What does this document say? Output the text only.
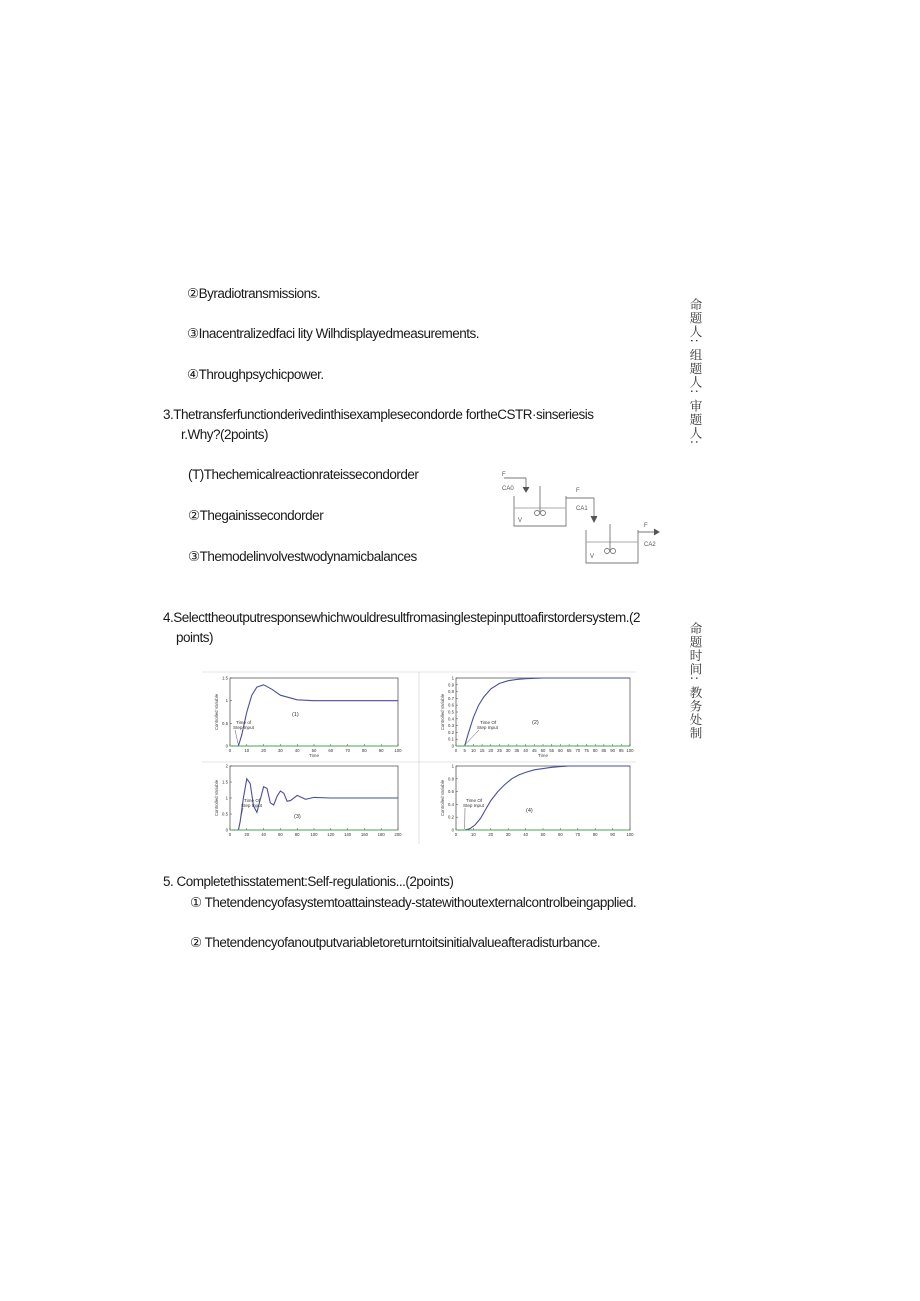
命题人: 组题人: 审题人:
命题时间: 教务处制
②Byradiotransmissions.
③Inacentralizedfaci lity Wilhdisplayedmeasurements.
④Throughpsychicpower.
3.Thetransferfunctionderivedinthisexamplesecondorde fortheCSTR·sinseriesis
r.Why?(2points)
(T)Thechemicalreactionrateissecondorder
②Thegainissecondorder
③Themodelinvolvestwodynamicbalances
F
CA0	F
CA1
V
V
F
CA2
4.Selecttheoutputresponsewhichwouldresultfromasinglestepinputtoafirstordersystem.(2
points)
0	10	20	30	40	50	60	70	80	90	100
0
0.5
1
1.5
Controlled Variable
Time
(1)
Time of
Step Input
0 5 10 15 20 25 30 35 40 45 50 55 60 65 70 75 80 85 90 95 100
0
0.1
0.2
0.3
0.4
0.5
0.6
0.7
0.8
0.9
1
Controlled Variable
Time
(2)
Time Of
Step Input
0	20	40	60	80	100 120 140 160 180 200
0
0.5
1
1.5
2
Controlled Variable
(3)
Time Of
Step Input
0	10	20	30	40	50	60	70	80	90	100
0
0.2
0.4
0.6
0.8
1
Controlled Variable	(4)
Time Of
Step Input
5. Completethisstatement:Self-regulationis...(2points)
① Thetendencyofasystemtoattainsteady-statewithoutexternalcontrolbeingapplied.
② Thetendencyofanoutputvariabletoreturntoitsinitialvalueafteradisturbance.
